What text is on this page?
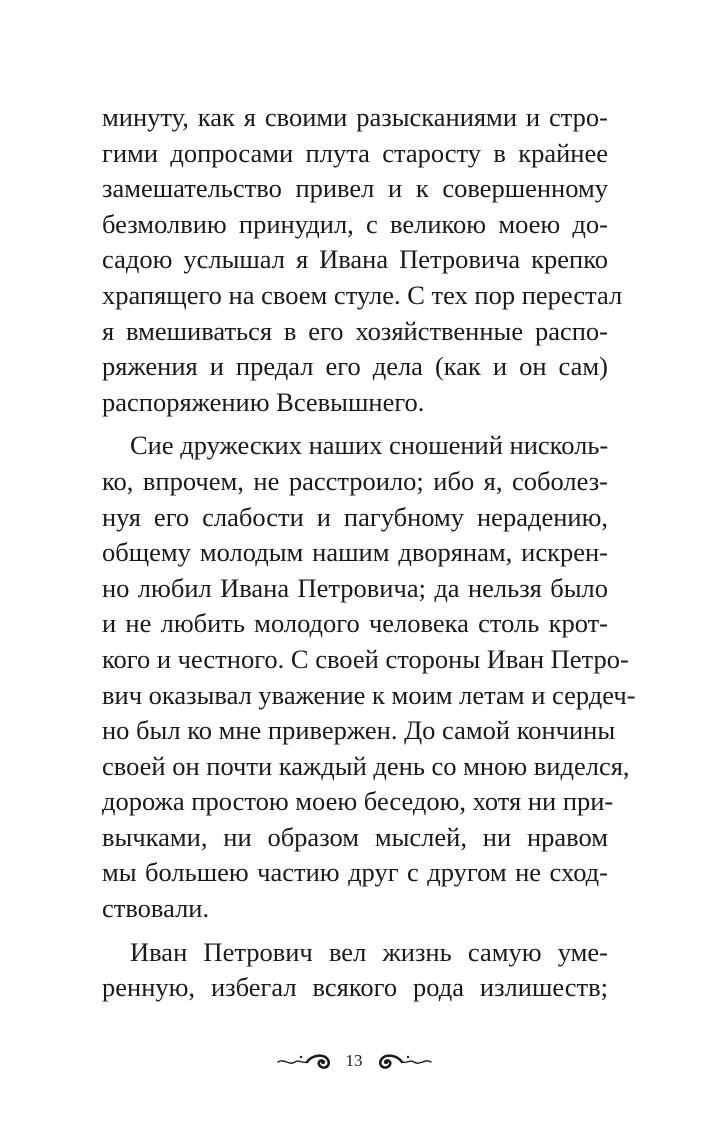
минуту, как я своими разысканиями и стро-
гими допросами плута старосту в крайнее
замешательство привел и к совершенному
безмолвию принудил, с великою моею до-
садою услышал я Ивана Петровича крепко
храпящего на своем стуле. С тех пор перестал
я вмешиваться в его хозяйственные распо-
ряжения и предал его дела (как и он сам)
распоряжению Всевышнего.
Сие дружеских наших сношений нисколь-
ко, впрочем, не расстроило; ибо я, соболез-
нуя его слабости и пагубному нерадению,
общему молодым нашим дворянам, искрен-
но любил Ивана Петровича; да нельзя было
и не любить молодого человека столь крот-
кого и честного. С своей стороны Иван Петро-
вич оказывал уважение к моим летам и сердеч-
но был ко мне привержен. До самой кончины
своей он почти каждый день со мною виделся,
дорожа простою моею беседою, хотя ни при-
вычками, ни образом мыслей, ни нравом
мы большею частию друг с другом не сход-
ствовали.
Иван Петрович вел жизнь самую уме-
ренную, избегал всякого рода излишеств;
13
